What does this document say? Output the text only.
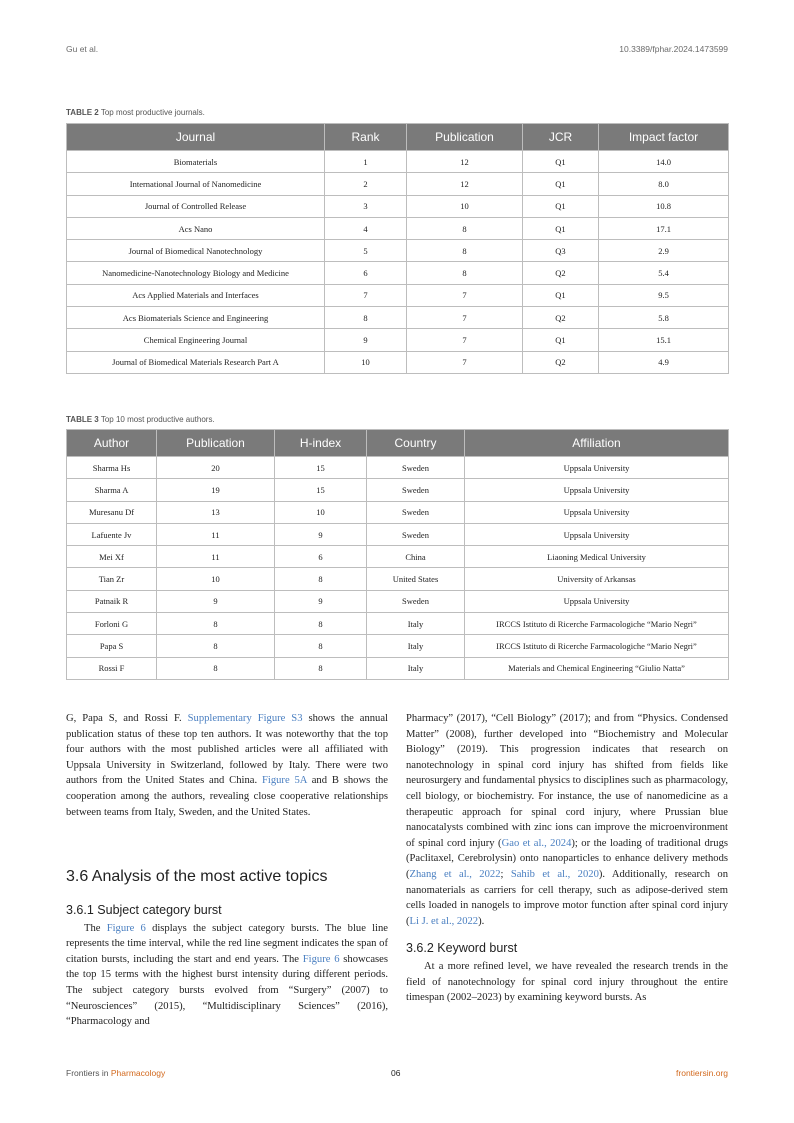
Gu et al.	10.3389/fphar.2024.1473599
TABLE 2 Top most productive journals.
Journal	Rank	Publication	JCR	Impact factor
Biomaterials	1	12	Q1	14.0
International Journal of Nanomedicine	2	12	Q1	8.0
Journal of Controlled Release	3	10	Q1	10.8
Acs Nano	4	8	Q1	17.1
Journal of Biomedical Nanotechnology	5	8	Q3	2.9
Nanomedicine-Nanotechnology Biology and Medicine	6	8	Q2	5.4
Acs Applied Materials and Interfaces	7	7	Q1	9.5
Acs Biomaterials Science and Engineering	8	7	Q2	5.8
Chemical Engineering Journal	9	7	Q1	15.1
Journal of Biomedical Materials Research Part A	10	7	Q2	4.9
TABLE 3 Top 10 most productive authors.
Author	Publication	H-index	Country	Affiliation
Sharma Hs	20	15	Sweden	Uppsala University
Sharma A	19	15	Sweden	Uppsala University
Muresanu Df	13	10	Sweden	Uppsala University
Lafuente Jv	11	9	Sweden	Uppsala University
Mei Xf	11	6	China	Liaoning Medical University
Tian Zr	10	8	United States	University of Arkansas
Patnaik R	9	9	Sweden	Uppsala University
Forloni G	8	8	Italy	IRCCS Istituto di Ricerche Farmacologiche “Mario Negri”
Papa S	8	8	Italy	IRCCS Istituto di Ricerche Farmacologiche “Mario Negri”
Rossi F	8	8	Italy	Materials and Chemical Engineering “Giulio Natta”

G, Papa S, and Rossi F. Supplementary Figure S3 shows the annual publication status of these top ten authors. It was noteworthy that the top four authors with the most published articles were all affiliated with Uppsala University in Switzerland, followed by Italy. There were two authors from the United States and China. Figure 5A and B shows the cooperation among the authors, revealing close cooperative relationships between teams from Italy, Sweden, and the United States.

3.6 Analysis of the most active topics
3.6.1 Subject category burst

The Figure 6 displays the subject category bursts. The blue line represents the time interval, while the red line segment indicates the span of citation bursts, including the start and end years. The Figure 6 showcases the top 15 terms with the highest burst intensity during different periods. The subject category bursts evolved from “Surgery” (2007) to “Neurosciences” (2015), “Multidisciplinary Sciences” (2016), “Pharmacology and

Pharmacy” (2017), “Cell Biology” (2017); and from “Physics. Condensed Matter” (2008), further developed into “Biochemistry and Molecular Biology” (2019). This progression indicates that research on nanotechnology in spinal cord injury has shifted from fields like neurosurgery and fundamental physics to disciplines such as pharmacology, cell biology, or biochemistry. For instance, the use of nanomedicine as a therapeutic approach for spinal cord injury, where Prussian blue nanocatalysts combined with zinc ions can improve the microenvironment of spinal cord injury (Gao et al., 2024); or the loading of traditional drugs (Paclitaxel, Cerebrolysin) onto nanoparticles to enhance delivery methods (Zhang et al., 2022; Sahib et al., 2020). Additionally, research on nanomaterials as carriers for cell therapy, such as adipose-derived stem cells loaded in nanogels to improve motor function after spinal cord injury (Li J. et al., 2022).

3.6.2 Keyword burst

At a more refined level, we have revealed the research trends in the field of nanotechnology for spinal cord injury throughout the entire timespan (2002–2023) by examining keyword bursts. As

Frontiers in Pharmacology	06	frontiersin.org
